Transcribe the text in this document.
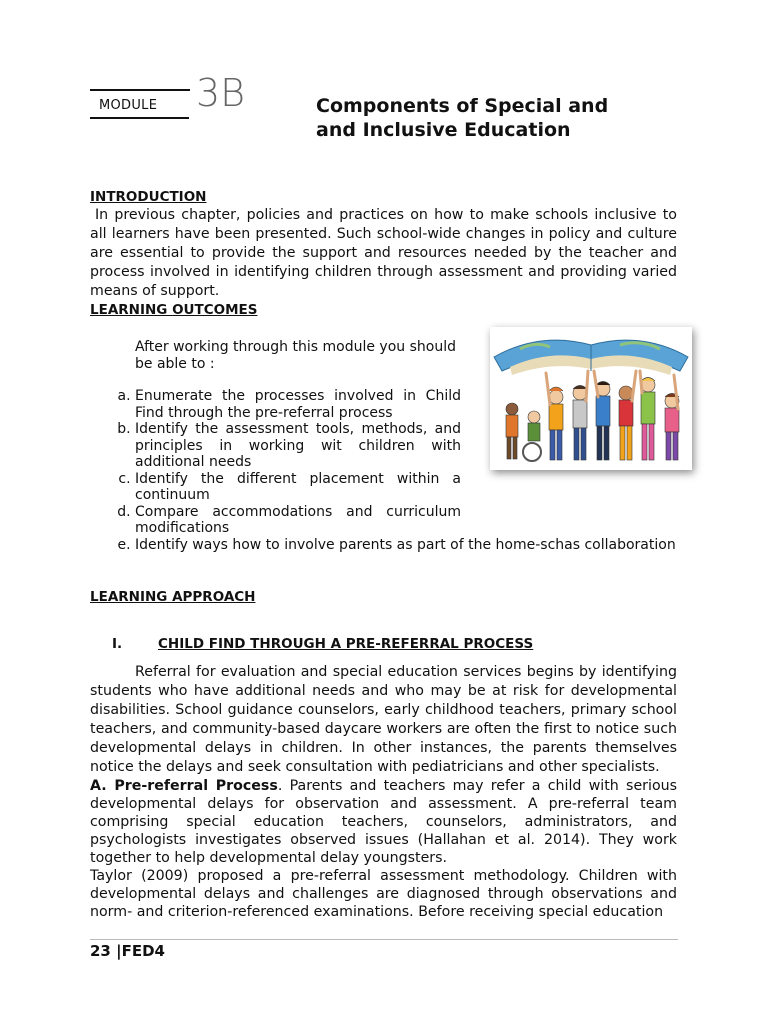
MODULE 3B	Components of Special and
and Inclusive Education
INTRODUCTION
In previous chapter, policies and practices on how to make schools inclusive to all learners have been presented. Such school-wide changes in policy and culture are essential to provide the support and resources needed by the teacher and process involved in identifying children through assessment and providing varied means of support.
LEARNING OUTCOMES
After working through this module you should be able to :
a. Enumerate the processes involved in Child Find through the pre-referral process
b. Identify the assessment tools, methods, and principles in working wit children with additional needs
c. Identify the different placement within a continuum
d. Compare accommodations and curriculum modifications
e. Identify ways how to involve parents as part of the home-schas collaboration
LEARNING APPROACH
I.	CHILD FIND THROUGH A PRE-REFERRAL PROCESS
Referral for evaluation and special education services begins by identifying students who have additional needs and who may be at risk for developmental disabilities. School guidance counselors, early childhood teachers, primary school teachers, and community-based daycare workers are often the first to notice such developmental delays in children. In other instances, the parents themselves notice the delays and seek consultation with pediatricians and other specialists.
A. Pre-referral Process. Parents and teachers may refer a child with serious developmental delays for observation and assessment. A pre-referral team comprising special education teachers, counselors, administrators, and psychologists investigates observed issues (Hallahan et al. 2014). They work together to help developmental delay youngsters.
Taylor (2009) proposed a pre-referral assessment methodology. Children with developmental delays and challenges are diagnosed through observations and norm- and criterion-referenced examinations. Before receiving special education
23 |FED4
